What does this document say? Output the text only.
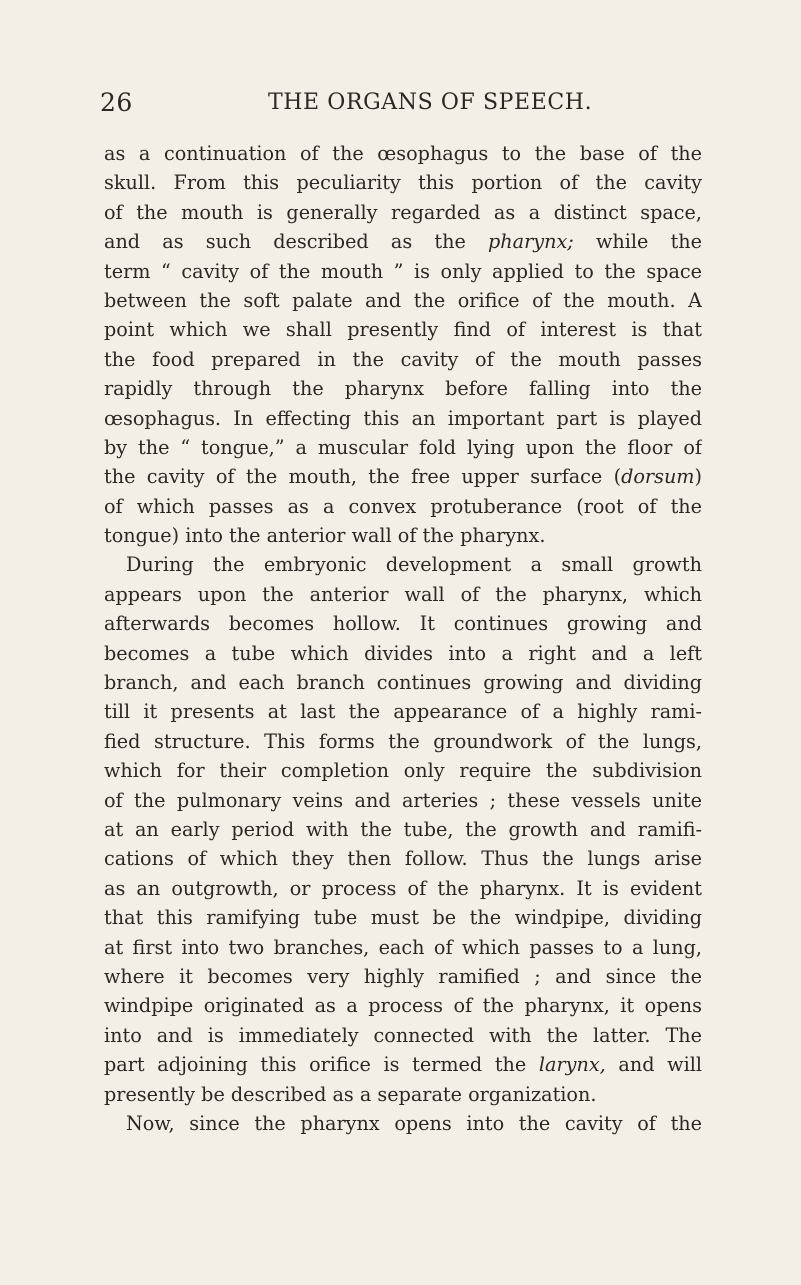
26	THE ORGANS OF SPEECH.
as a continuation of the œsophagus to the base of the
skull. From this peculiarity this portion of the cavity
of the mouth is generally regarded as a distinct space,
and as such described as the pharynx; while the
term “ cavity of the mouth ” is only applied to the space
between the soft palate and the orifice of the mouth. A
point which we shall presently find of interest is that
the food prepared in the cavity of the mouth passes
rapidly through the pharynx before falling into the
œsophagus. In effecting this an important part is played
by the “ tongue,” a muscular fold lying upon the floor of
the cavity of the mouth, the free upper surface (dorsum)
of which passes as a convex protuberance (root of the
tongue) into the anterior wall of the pharynx.
During the embryonic development a small growth
appears upon the anterior wall of the pharynx, which
afterwards becomes hollow. It continues growing and
becomes a tube which divides into a right and a left
branch, and each branch continues growing and dividing
till it presents at last the appearance of a highly rami-
fied structure. This forms the groundwork of the lungs,
which for their completion only require the subdivision
of the pulmonary veins and arteries ; these vessels unite
at an early period with the tube, the growth and ramifi-
cations of which they then follow. Thus the lungs arise
as an outgrowth, or process of the pharynx. It is evident
that this ramifying tube must be the windpipe, dividing
at first into two branches, each of which passes to a lung,
where it becomes very highly ramified ; and since the
windpipe originated as a process of the pharynx, it opens
into and is immediately connected with the latter. The
part adjoining this orifice is termed the larynx, and will
presently be described as a separate organization.
Now, since the pharynx opens into the cavity of the
